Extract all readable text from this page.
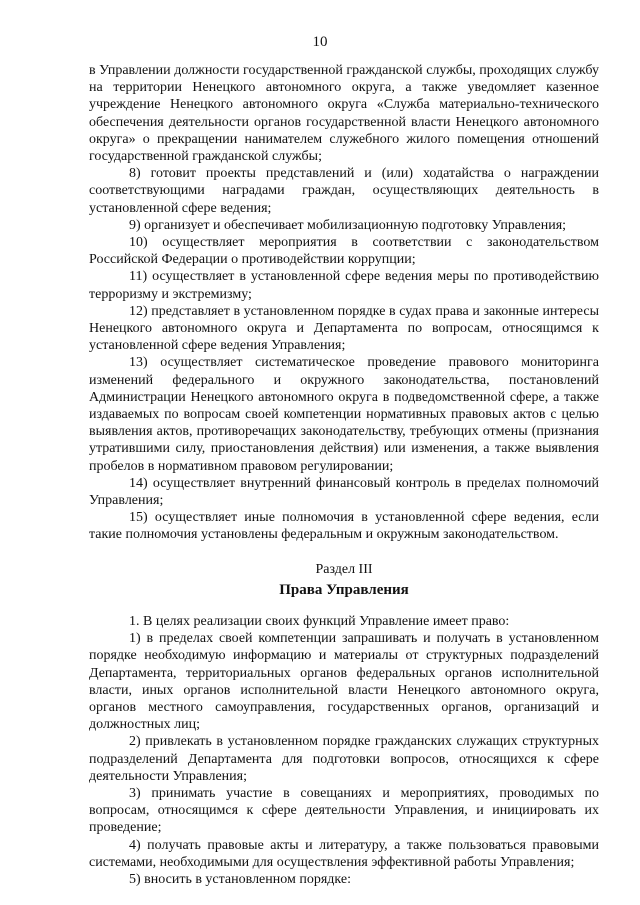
10

в Управлении должности государственной гражданской службы, проходящих службу на территории Ненецкого автономного округа, а также уведомляет казенное учреждение Ненецкого автономного округа «Служба материально-технического обеспечения деятельности органов государственной власти Ненецкого автономного округа» о прекращении нанимателем служебного жилого помещения отношений государственной гражданской службы;

8) готовит проекты представлений и (или) ходатайства о награждении соответствующими наградами граждан, осуществляющих деятельность в установленной сфере ведения;

9) организует и обеспечивает мобилизационную подготовку Управления;

10) осуществляет мероприятия в соответствии с законодательством Российской Федерации о противодействии коррупции;

11) осуществляет в установленной сфере ведения меры по противодействию терроризму и экстремизму;

12) представляет в установленном порядке в судах права и законные интересы Ненецкого автономного округа и Департамента по вопросам, относящимся к установленной сфере ведения Управления;

13) осуществляет систематическое проведение правового мониторинга изменений федерального и окружного законодательства, постановлений Администрации Ненецкого автономного округа в подведомственной сфере, а также издаваемых по вопросам своей компетенции нормативных правовых актов с целью выявления актов, противоречащих законодательству, требующих отмены (признания утратившими силу, приостановления действия) или изменения, а также выявления пробелов в нормативном правовом регулировании;

14) осуществляет внутренний финансовый контроль в пределах полномочий Управления;

15) осуществляет иные полномочия в установленной сфере ведения, если такие полномочия установлены федеральным и окружным законодательством.

Раздел III
Права Управления

1. В целях реализации своих функций Управление имеет право:

1) в пределах своей компетенции запрашивать и получать в установленном порядке необходимую информацию и материалы от структурных подразделений Департамента, территориальных органов федеральных органов исполнительной власти, иных органов исполнительной власти Ненецкого автономного округа, органов местного самоуправления, государственных органов, организаций и должностных лиц;

2) привлекать в установленном порядке гражданских служащих структурных подразделений Департамента для подготовки вопросов, относящихся к сфере деятельности Управления;

3) принимать участие в совещаниях и мероприятиях, проводимых по вопросам, относящимся к сфере деятельности Управления, и инициировать их проведение;

4) получать правовые акты и литературу, а также пользоваться правовыми системами, необходимыми для осуществления эффективной работы Управления;

5) вносить в установленном порядке:
